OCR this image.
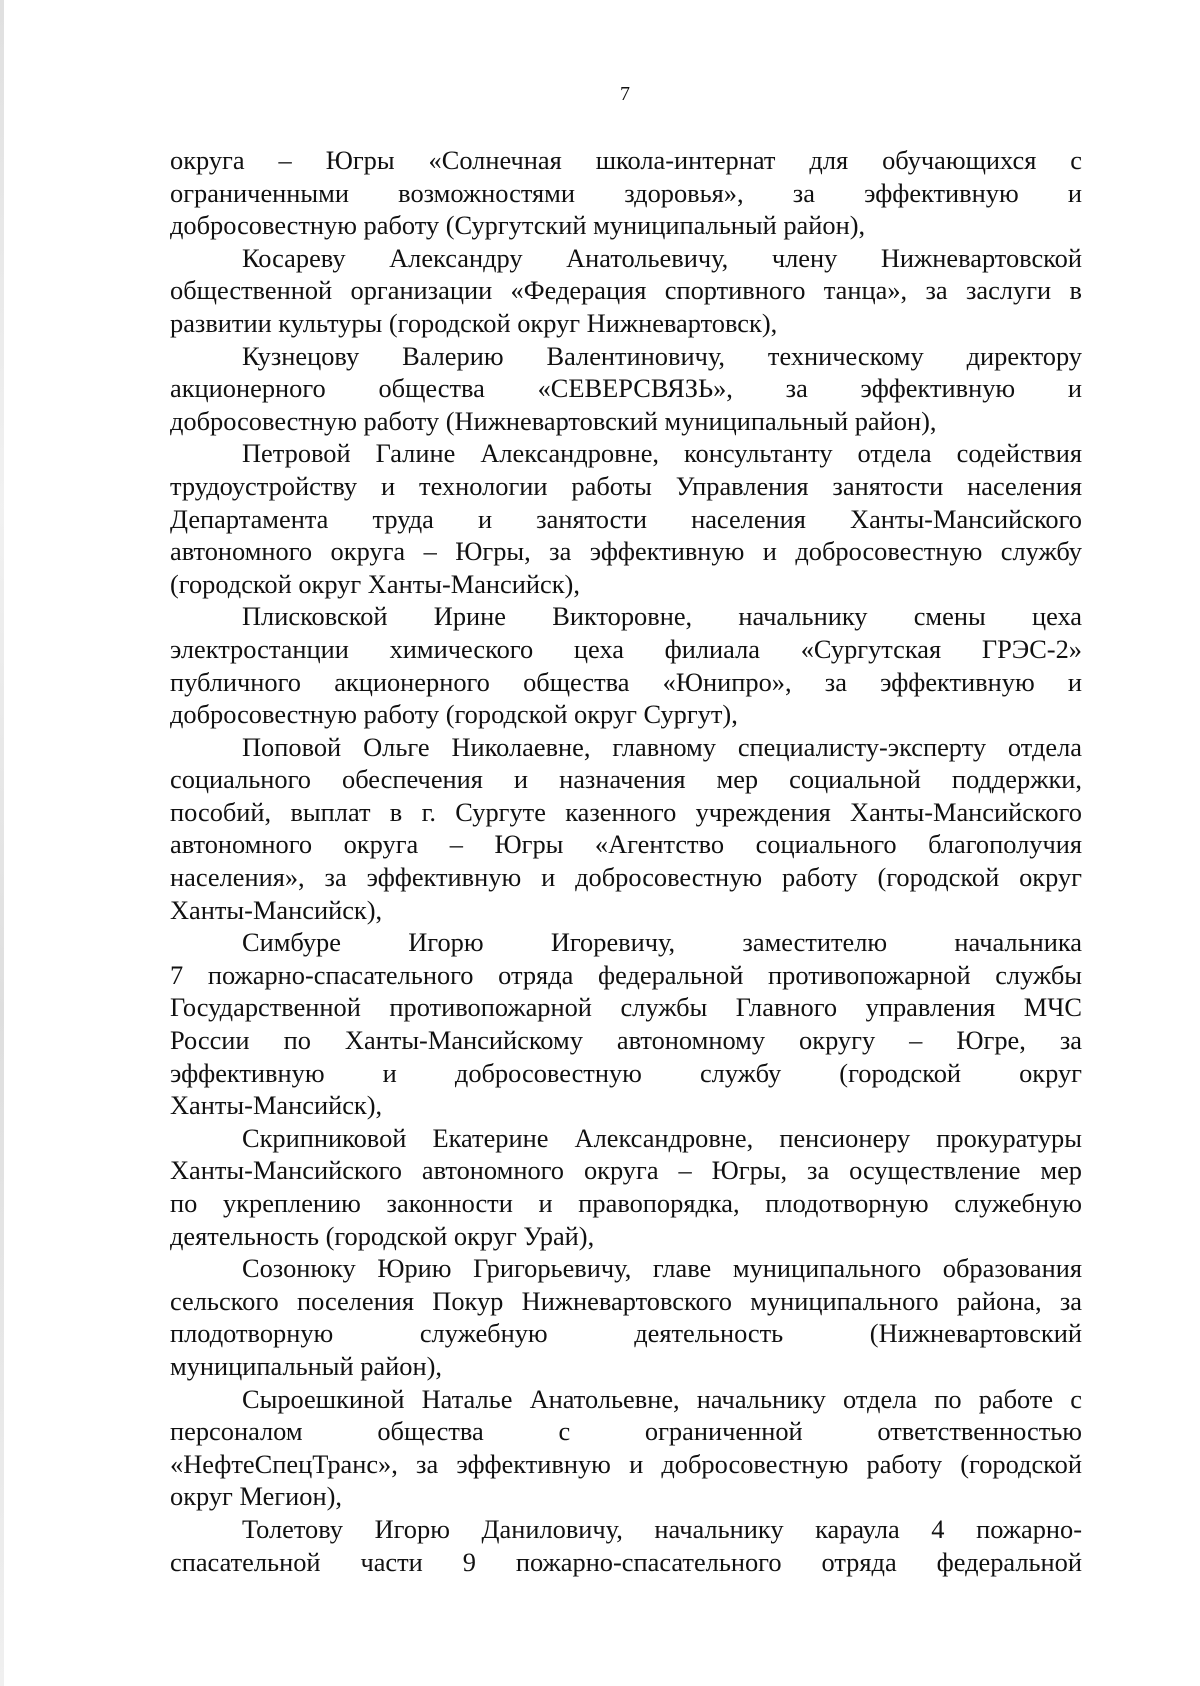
7
округа – Югры «Солнечная школа-интернат для обучающихся с
ограниченными возможностями здоровья», за эффективную и
добросовестную работу (Сургутский муниципальный район),
Косареву Александру Анатольевичу, члену Нижневартовской
общественной организации «Федерация спортивного танца», за заслуги в
развитии культуры (городской округ Нижневартовск),
Кузнецову Валерию Валентиновичу, техническому директору
акционерного общества «СЕВЕРСВЯЗЬ», за эффективную и
добросовестную работу (Нижневартовский муниципальный район),
Петровой Галине Александровне, консультанту отдела содействия
трудоустройству и технологии работы Управления занятости населения
Департамента труда и занятости населения Ханты-Мансийского
автономного округа – Югры, за эффективную и добросовестную службу
(городской округ Ханты-Мансийск),
Плисковской Ирине Викторовне, начальнику смены цеха
электростанции химического цеха филиала «Сургутская ГРЭС-2»
публичного акционерного общества «Юнипро», за эффективную и
добросовестную работу (городской округ Сургут),
Поповой Ольге Николаевне, главному специалисту-эксперту отдела
социального обеспечения и назначения мер социальной поддержки,
пособий, выплат в г. Сургуте казенного учреждения Ханты-Мансийского
автономного округа – Югры «Агентство социального благополучия
населения», за эффективную и добросовестную работу (городской округ
Ханты-Мансийск),
Симбуре Игорю Игоревичу, заместителю начальника
7 пожарно-спасательного отряда федеральной противопожарной службы
Государственной противопожарной службы Главного управления МЧС
России по Ханты-Мансийскому автономному округу – Югре, за
эффективную и добросовестную службу (городской округ
Ханты-Мансийск),
Скрипниковой Екатерине Александровне, пенсионеру прокуратуры
Ханты-Мансийского автономного округа – Югры, за осуществление мер
по укреплению законности и правопорядка, плодотворную служебную
деятельность (городской округ Урай),
Созонюку Юрию Григорьевичу, главе муниципального образования
сельского поселения Покур Нижневартовского муниципального района, за
плодотворную служебную деятельность (Нижневартовский
муниципальный район),
Сыроешкиной Наталье Анатольевне, начальнику отдела по работе с
персоналом общества с ограниченной ответственностью
«НефтеСпецТранс», за эффективную и добросовестную работу (городской
округ Мегион),
Толетову Игорю Даниловичу, начальнику караула 4 пожарно-
спасательной части 9 пожарно-спасательного отряда федеральной
